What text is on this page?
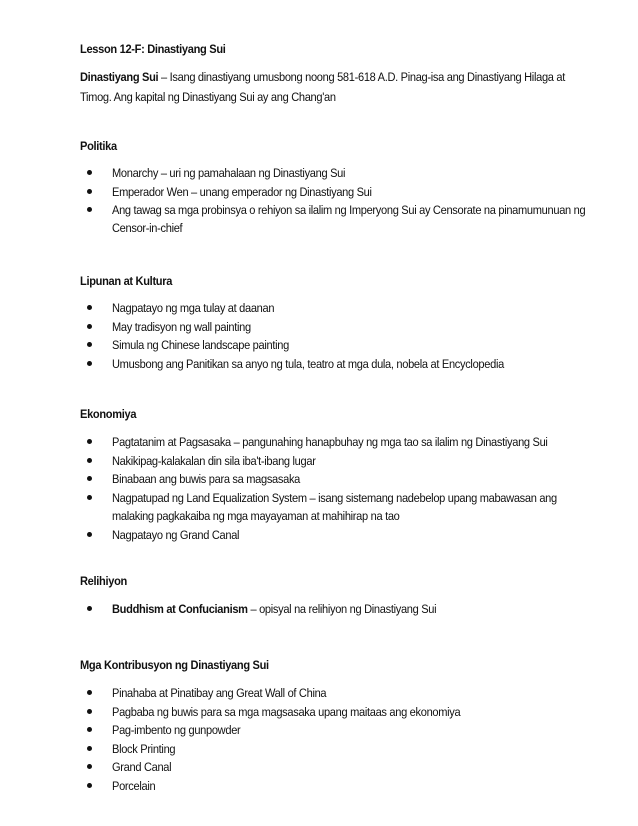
Lesson 12-F: Dinastiyang Sui
Dinastiyang Sui – Isang dinastiyang umusbong noong 581-618 A.D. Pinag-isa ang Dinastiyang Hilaga at
Timog. Ang kapital ng Dinastiyang Sui ay ang Chang'an
Politika
Monarchy – uri ng pamahalaan ng Dinastiyang Sui
Emperador Wen – unang emperador ng Dinastiyang Sui
Ang tawag sa mga probinsya o rehiyon sa ilalim ng Imperyong Sui ay Censorate na pinamumunuan ng
Censor-in-chief
Lipunan at Kultura
Nagpatayo ng mga tulay at daanan
May tradisyon ng wall painting
Simula ng Chinese landscape painting
Umusbong ang Panitikan sa anyo ng tula, teatro at mga dula, nobela at Encyclopedia
Ekonomiya
Pagtatanim at Pagsasaka – pangunahing hanapbuhay ng mga tao sa ilalim ng Dinastiyang Sui
Nakikipag-kalakalan din sila iba't-ibang lugar
Binabaan ang buwis para sa magsasaka
Nagpatupad ng Land Equalization System – isang sistemang nadebelop upang mabawasan ang
malaking pagkakaiba ng mga mayayaman at mahihirap na tao
Nagpatayo ng Grand Canal
Relihiyon
Buddhism at Confucianism – opisyal na relihiyon ng Dinastiyang Sui
Mga Kontribusyon ng Dinastiyang Sui
Pinahaba at Pinatibay ang Great Wall of China
Pagbaba ng buwis para sa mga magsasaka upang maitaas ang ekonomiya
Pag-imbento ng gunpowder
Block Printing
Grand Canal
Porcelain
